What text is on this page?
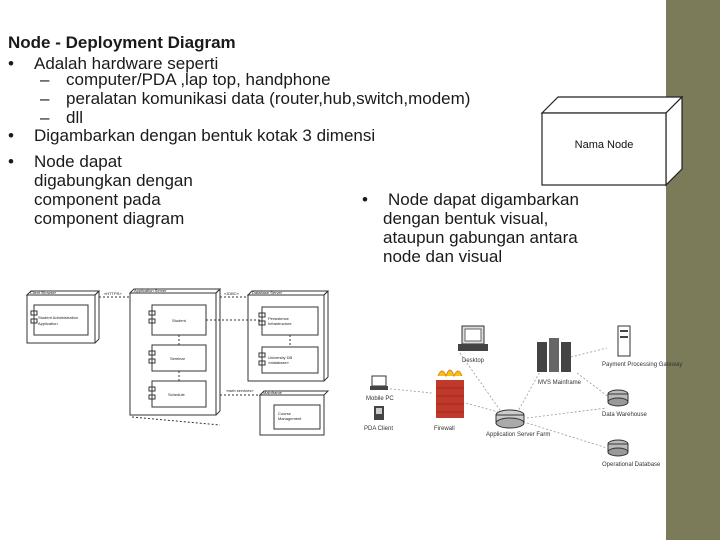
Node - Deployment Diagram
• Adalah hardware seperti
– computer/PDA ,lap top, handphone
– peralatan komunikasi data (router,hub,switch,modem)
– dll
• Digambarkan dengan bentuk kotak 3 dimensi
• Node dapat
digabungkan dengan
component pada
component diagram
• Node dapat digambarkan
dengan bentuk visual,
ataupun gabungan antara
node dan visual
Nama Node
Client Browser	Application Server	Database Server
Mainframe
Student Administration
Application
Student
Seminar
Schedule
Persistence
Infrastructure
University DB
«database»
Course
Management
«HTTPS»	«JDBC»
«web services»
Desktop
Mobile PC
PDA Client	Firewall
Application Server Farm
MVS Mainframe
Payment Processing Gateway
Data Warehouse
Operational Database
